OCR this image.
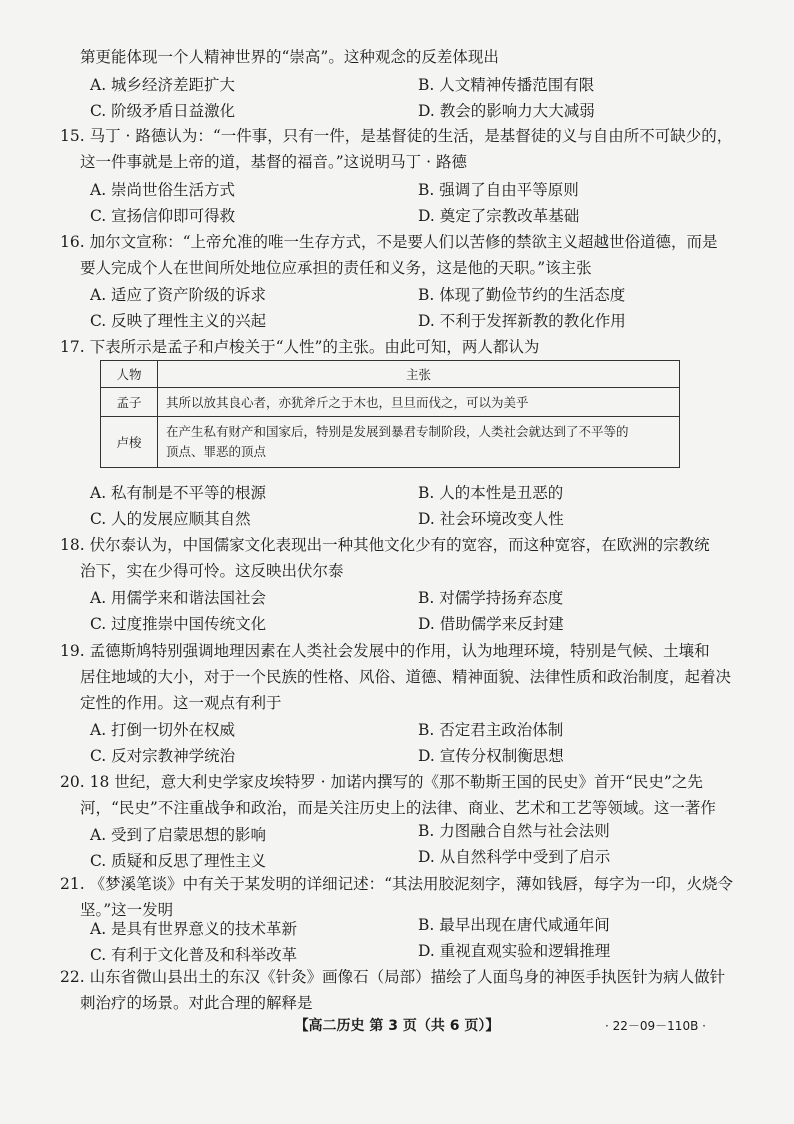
第更能体现一个人精神世界的“崇高”。这种观念的反差体现出
A. 城乡经济差距扩大	B. 人文精神传播范围有限
C. 阶级矛盾日益激化	D. 教会的影响力大大减弱
15. 马丁 · 路德认为：“一件事，只有一件，是基督徒的生活，是基督徒的义与自由所不可缺少的，
这一件事就是上帝的道，基督的福音。”这说明马丁 · 路德
A. 崇尚世俗生活方式	B. 强调了自由平等原则
C. 宣扬信仰即可得救	D. 奠定了宗教改革基础
16. 加尔文宣称：“上帝允准的唯一生存方式，不是要人们以苦修的禁欲主义超越世俗道德，而是
要人完成个人在世间所处地位应承担的责任和义务，这是他的天职。”该主张
A. 适应了资产阶级的诉求	B. 体现了勤俭节约的生活态度
C. 反映了理性主义的兴起	D. 不利于发挥新教的教化作用
17. 下表所示是孟子和卢梭关于“人性”的主张。由此可知，两人都认为
人物	主张
孟子	其所以放其良心者，亦犹斧斤之于木也，旦旦而伐之，可以为美乎
卢梭	在产生私有财产和国家后，特别是发展到暴君专制阶段，人类社会就达到了不平等的
顶点、罪恶的顶点
A. 私有制是不平等的根源	B. 人的本性是丑恶的
C. 人的发展应顺其自然	D. 社会环境改变人性
18. 伏尔泰认为，中国儒家文化表现出一种其他文化少有的宽容，而这种宽容，在欧洲的宗教统
治下，实在少得可怜。这反映出伏尔泰
A. 用儒学来和谐法国社会	B. 对儒学持扬弃态度
C. 过度推崇中国传统文化	D. 借助儒学来反封建
19. 孟德斯鸠特别强调地理因素在人类社会发展中的作用，认为地理环境，特别是气候、土壤和
居住地域的大小，对于一个民族的性格、风俗、道德、精神面貌、法律性质和政治制度，起着决
定性的作用。这一观点有利于
A. 打倒一切外在权威	B. 否定君主政治体制
C. 反对宗教神学统治	D. 宣传分权制衡思想
20. 18 世纪，意大利史学家皮埃特罗 · 加诺内撰写的《那不勒斯王国的民史》首开“民史”之先
河，“民史”不注重战争和政治，而是关注历史上的法律、商业、艺术和工艺等领域。这一著作
A. 受到了启蒙思想的影响	B. 力图融合自然与社会法则
C. 质疑和反思了理性主义	D. 从自然科学中受到了启示
21. 《梦溪笔谈》中有关于某发明的详细记述：“其法用胶泥刻字，薄如钱唇，每字为一印，火烧令
坚。”这一发明
A. 是具有世界意义的技术革新	B. 最早出现在唐代咸通年间
C. 有利于文化普及和科举改革	D. 重视直观实验和逻辑推理
22. 山东省微山县出土的东汉《针灸》画像石（局部）描绘了人面鸟身的神医手执医针为病人做针
刺治疗的场景。对此合理的解释是
【高二历史 第 3 页（共 6 页）】	· 22－09－110B ·
